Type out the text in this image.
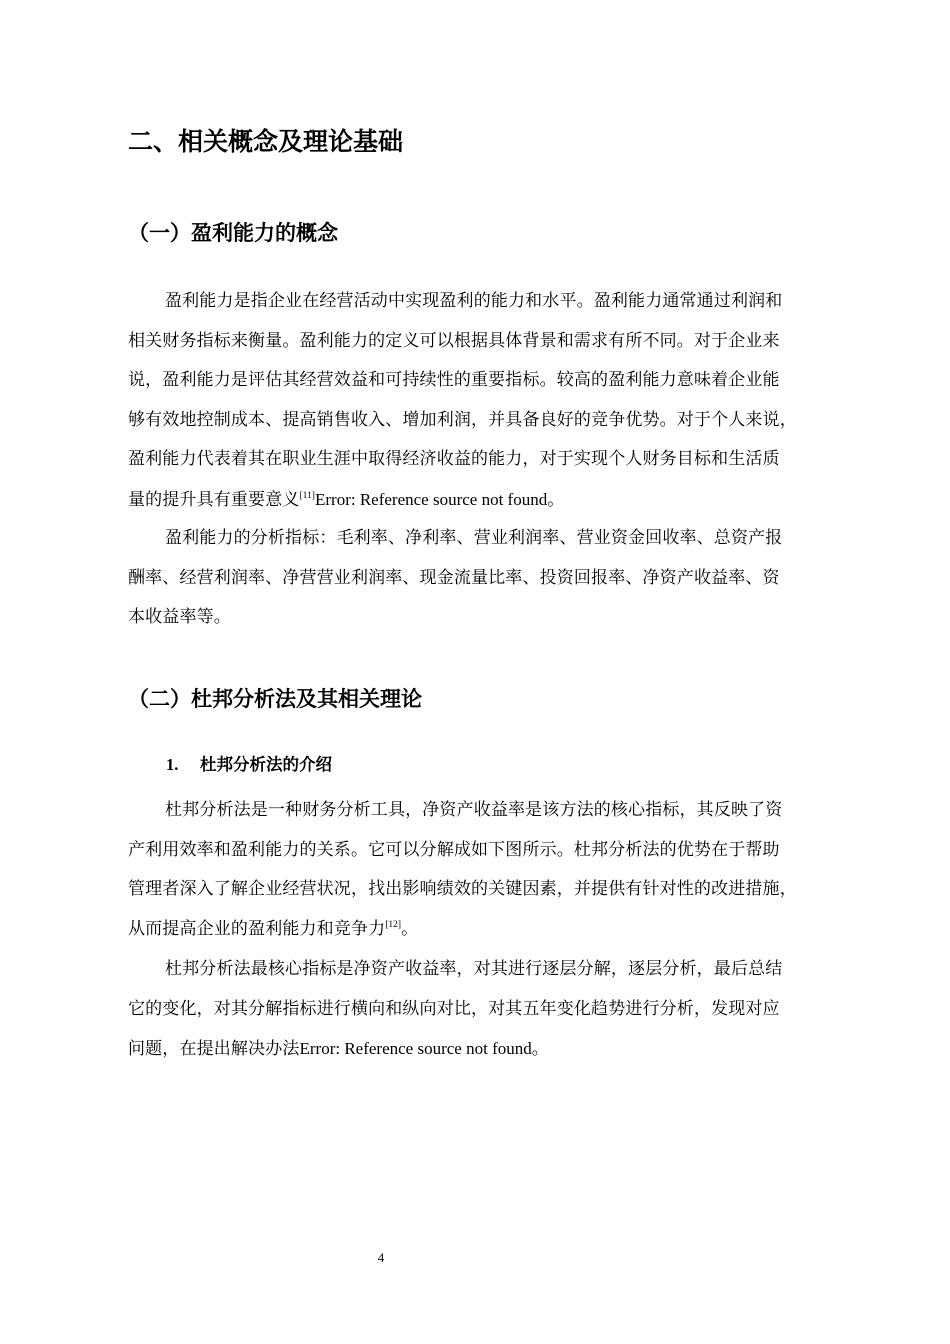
二、相关概念及理论基础
（一）盈利能力的概念
盈利能力是指企业在经营活动中实现盈利的能力和水平。盈利能力通常通过利润和
相关财务指标来衡量。盈利能力的定义可以根据具体背景和需求有所不同。对于企业来
说，盈利能力是评估其经营效益和可持续性的重要指标。较高的盈利能力意味着企业能
够有效地控制成本、提高销售收入、增加利润，并具备良好的竞争优势。对于个人来说，
盈利能力代表着其在职业生涯中取得经济收益的能力，对于实现个人财务目标和生活质
量的提升具有重要意义[11]Error: Reference source not found。
盈利能力的分析指标：毛利率、净利率、营业利润率、营业资金回收率、总资产报
酬率、经营利润率、净营营业利润率、现金流量比率、投资回报率、净资产收益率、资
本收益率等。
（二）杜邦分析法及其相关理论
1. 杜邦分析法的介绍
杜邦分析法是一种财务分析工具，净资产收益率是该方法的核心指标，其反映了资
产利用效率和盈利能力的关系。它可以分解成如下图所示。杜邦分析法的优势在于帮助
管理者深入了解企业经营状况，找出影响绩效的关键因素，并提供有针对性的改进措施，
从而提高企业的盈利能力和竞争力[12]。
杜邦分析法最核心指标是净资产收益率，对其进行逐层分解，逐层分析，最后总结
它的变化，对其分解指标进行横向和纵向对比，对其五年变化趋势进行分析，发现对应
问题，在提出解决办法Error: Reference source not found。
4
